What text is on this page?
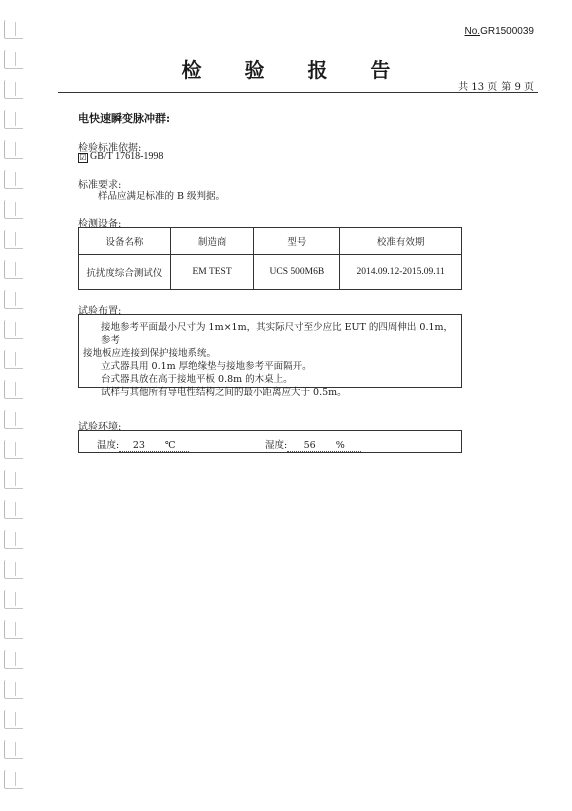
No.GR1500039
检 验 报 告
共 13 页 第 9 页
电快速瞬变脉冲群:
检验标准依据:
☑ GB/T 17618-1998
标准要求:
样品应满足标准的 B 级判据。
检测设备:
设备名称	制造商	型号	校准有效期
抗扰度综合测试仪	EM TEST	UCS 500M6B	2014.09.12-2015.09.11
试验布置:

接地参考平面最小尺寸为 1m×1m，其实际尺寸至少应比 EUT 的四周伸出 0.1m，参考

接地板应连接到保护接地系统。

立式器具用 0.1m 厚绝缘垫与接地参考平面隔开。

台式器具放在高于接地平板 0.8m 的木桌上。

试样与其他所有导电性结构之间的最小距离应大于 0.5m。

试验环境:
温度: 23 ℃	湿度: 56 %
